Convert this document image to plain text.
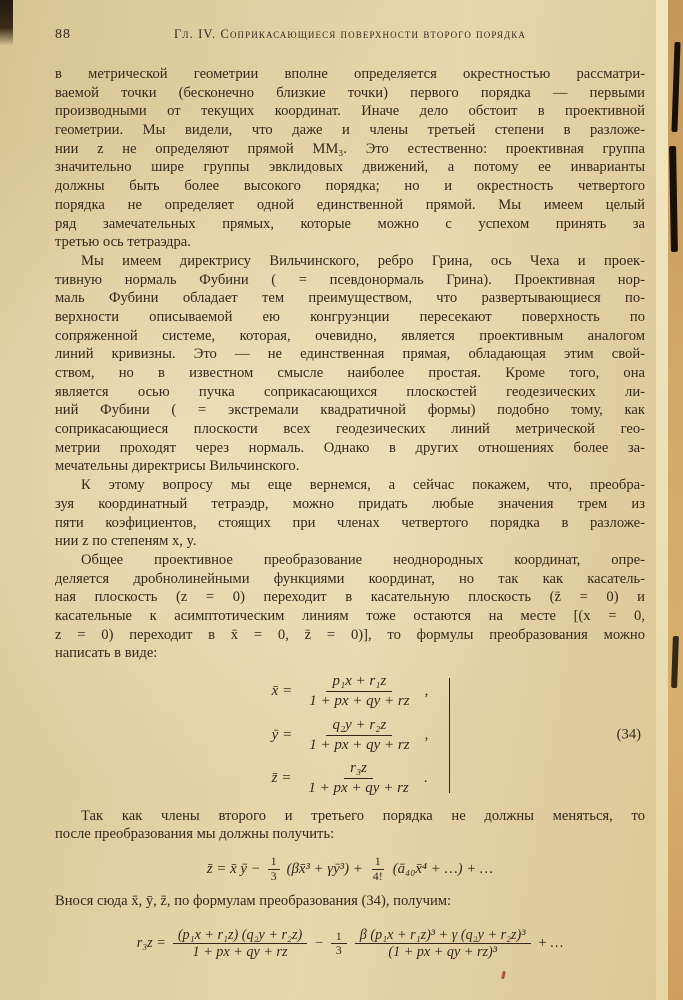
88	Гл. IV. Соприкасающиеся поверхности второго порядка
в метрической геометрии вполне определяется окрестностью рассматри-
ваемой точки (бесконечно близкие точки) первого порядка — первыми
производными от текущих координат. Иначе дело обстоит в проективной
геометрии. Мы видели, что даже и члены третьей степени в разложе-
нии z не определяют прямой MM₃. Это естественно: проективная группа
значительно шире группы эвклидовых движений, а потому ее инварианты
должны быть более высокого порядка; но и окрестность четвертого
порядка не определяет одной единственной прямой. Мы имеем целый
ряд замечательных прямых, которые можно с успехом принять за
третью ось тетраэдра.
Мы имеем директрису Вильчинского, ребро Грина, ось Чеха и проек-
тивную нормаль Фубини ( = псевдонормаль Грина). Проективная нор-
маль Фубини обладает тем преимуществом, что развертывающиеся по-
верхности описываемой ею конгруэнции пересекают поверхность по
сопряженной системе, которая, очевидно, является проективным аналогом
линий кривизны. Это — не единственная прямая, обладающая этим свой-
ством, но в известном смысле наиболее простая. Кроме того, она
является осью пучка соприкасающихся плоскостей геодезических ли-
ний Фубини ( = экстремали квадратичной формы) подобно тому, как
соприкасающиеся плоскости всех геодезических линий метрической гео-
метрии проходят через нормаль. Однако в других отношениях более за-
мечательны директрисы Вильчинского.
К этому вопросу мы еще вернемся, а сейчас покажем, что, преобра-
зуя координатный тетраэдр, можно придать любые значения трем из
пяти коэфициентов, стоящих при членах четвертого порядка в разложе-
нии z по степеням x, y.
Общее проективное преобразование неоднородных координат, опре-
деляется дробнолинейными функциями координат, но так как касатель-
ная плоскость (z = 0) переходит в касательную плоскость (z̄ = 0) и
касательные к асимптотическим линиям тоже остаются на месте [(x = 0,
z = 0) переходит в x̄ = 0, z̄ = 0)], то формулы преобразования можно
написать в виде:
x̄ = $\frac{\text{p₁x + r₁z}}{1 + px + qy + rz}$ ,
ȳ = $\frac{\text{q₂y + r₂z}}{1 + px + qy + rz}$ ,
z̄ = $\frac{\text{r₃z}}{1 + px + qy + rz}$ .
(34)
Так как члены второго и третьего порядка не должны меняться, то
после преобразования мы должны получить:
z̄ = x̄ ȳ − $\frac{1}{3}$ (βx̄³ + γȳ³) + $\frac{1}{4!}$ (ā₄₀x̄⁴ + …) + …
Внося сюда x̄, ȳ, z̄, по формулам преобразования (34), получим:
$r_3z = \frac{\text{(p₁x + r₁z) (q₂y + r₂z)}}{1 + px + qy + rz} - \frac{1}{3} \frac{\text{β (p₁x + r₁z)³ + γ (q₂y + r₂z)³}}{\text{(1 + px + qy + rz)³}}$ + …
